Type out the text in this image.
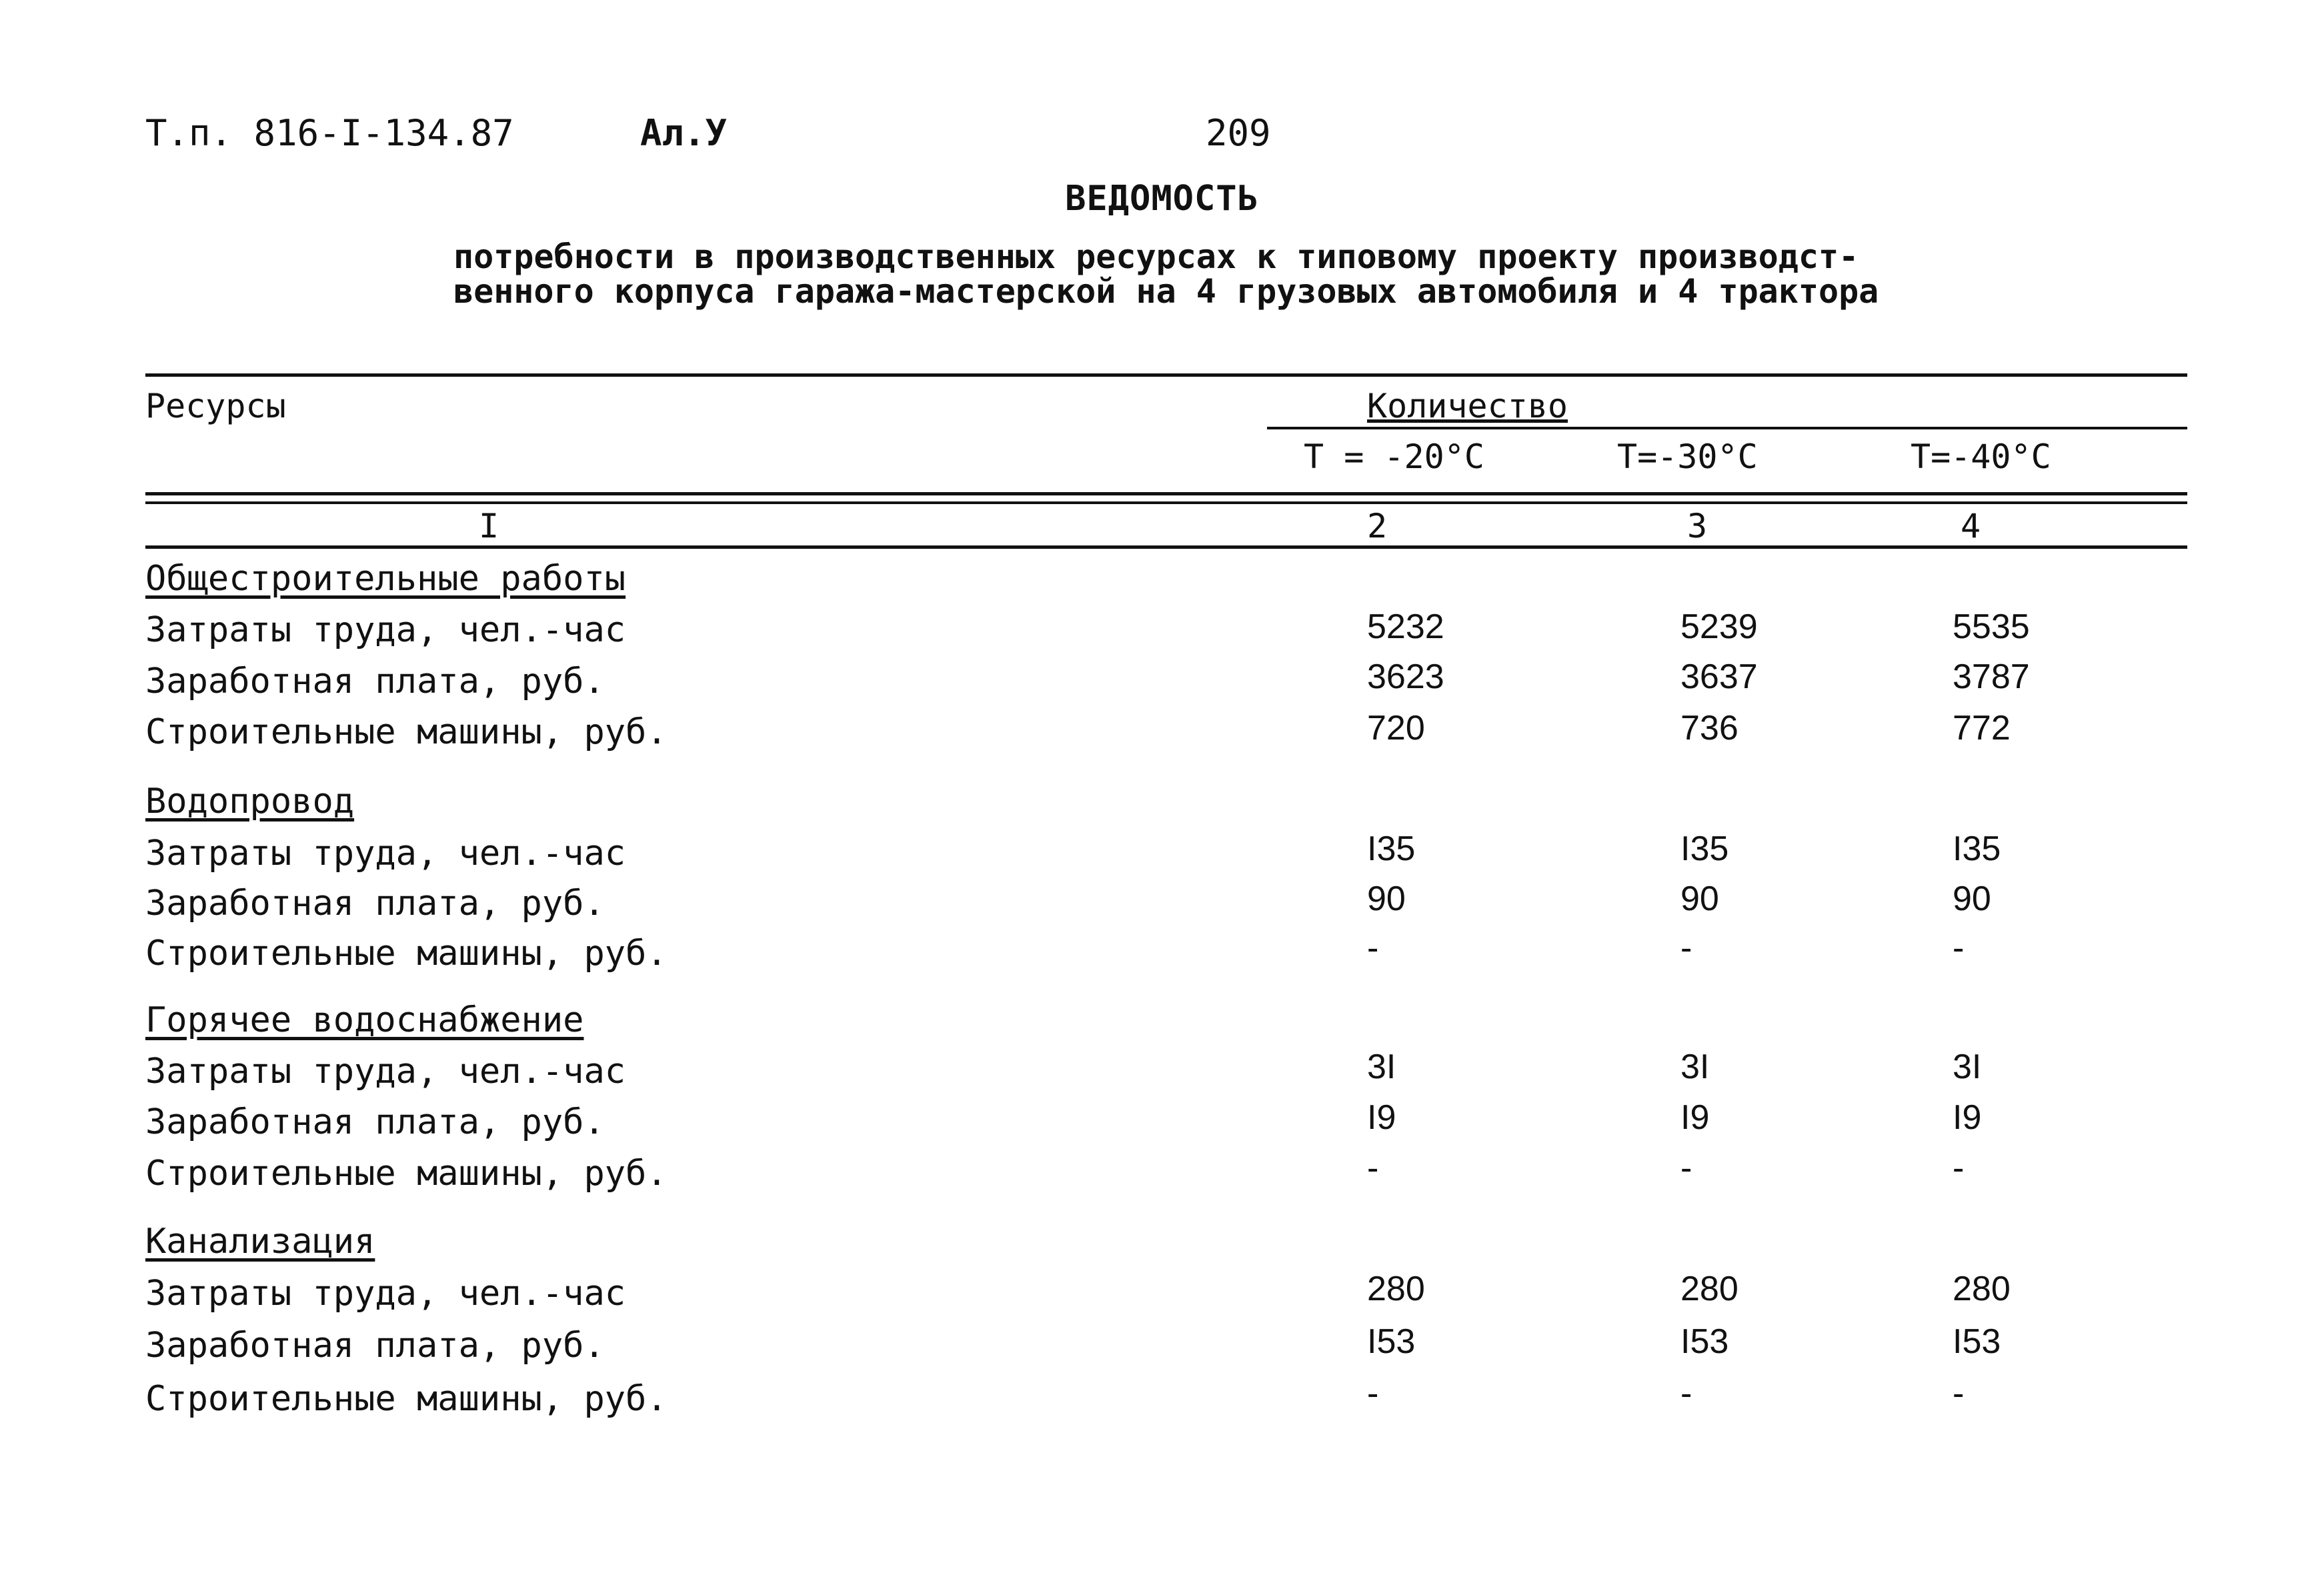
Т.п. 816-I-134.87	Ал.У	209
ВЕДОМОСТЬ
потребности в производственных ресурсах к типовому проекту производст-
венного корпуса гаража-мастерской на 4 грузовых автомобиля и 4 трактора
Ресурсы	Количество
Т = -20°С	Т=-30°С	Т=-40°С
I	2	3	4
Общестроительные работы
Затраты труда, чел.-час	5232	5239	5535
Заработная плата, руб.	3623	3637	3787
Строительные машины, руб.	720	736	772
Водопровод
Затраты труда, чел.-час	I35	I35	I35
Заработная плата, руб.	90	90	90
Строительные машины, руб.	-	-	-
Горячее водоснабжение
Затраты труда, чел.-час	3I	3I	3I
Заработная плата, руб.	I9	I9	I9
Строительные машины, руб.	-	-	-
Канализация
Затраты труда, чел.-час	280	280	280
Заработная плата, руб.	I53	I53	I53
Строительные машины, руб.	-	-	-
